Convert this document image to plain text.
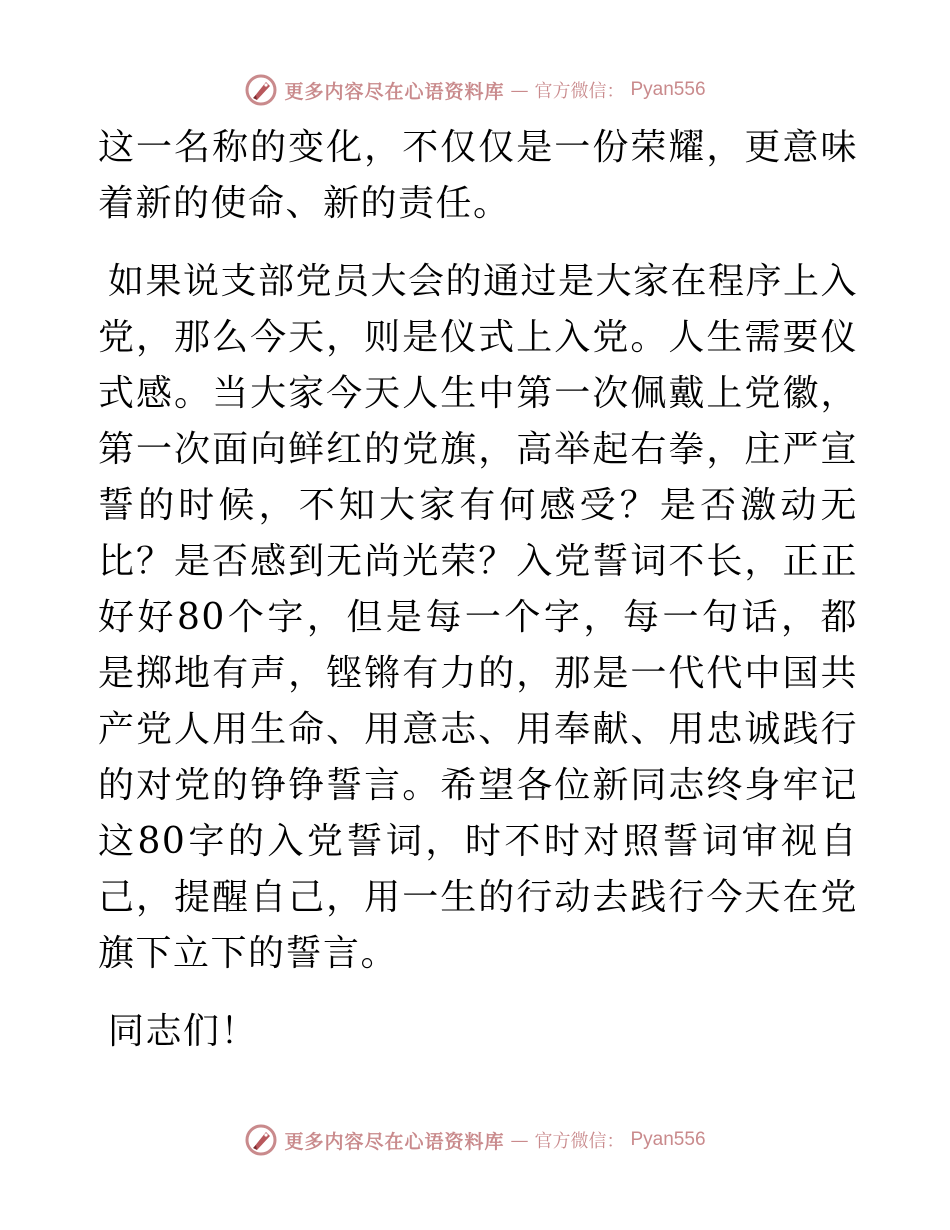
更多内容尽在心语资料库 — 官方微信： Pyan556

这一名称的变化，不仅仅是一份荣耀，更意味着新的使命、新的责任。

如果说支部党员大会的通过是大家在程序上入党，那么今天，则是仪式上入党。人生需要仪式感。当大家今天人生中第一次佩戴上党徽，第一次面向鲜红的党旗，高举起右拳，庄严宣誓的时候，不知大家有何感受？是否激动无比？是否感到无尚光荣？入党誓词不长，正正好好80个字，但是每一个字，每一句话，都是掷地有声，铿锵有力的，那是一代代中国共产党人用生命、用意志、用奉献、用忠诚践行的对党的铮铮誓言。希望各位新同志终身牢记这80字的入党誓词，时不时对照誓词审视自己，提醒自己，用一生的行动去践行今天在党旗下立下的誓言。

同志们！

更多内容尽在心语资料库 — 官方微信： Pyan556
